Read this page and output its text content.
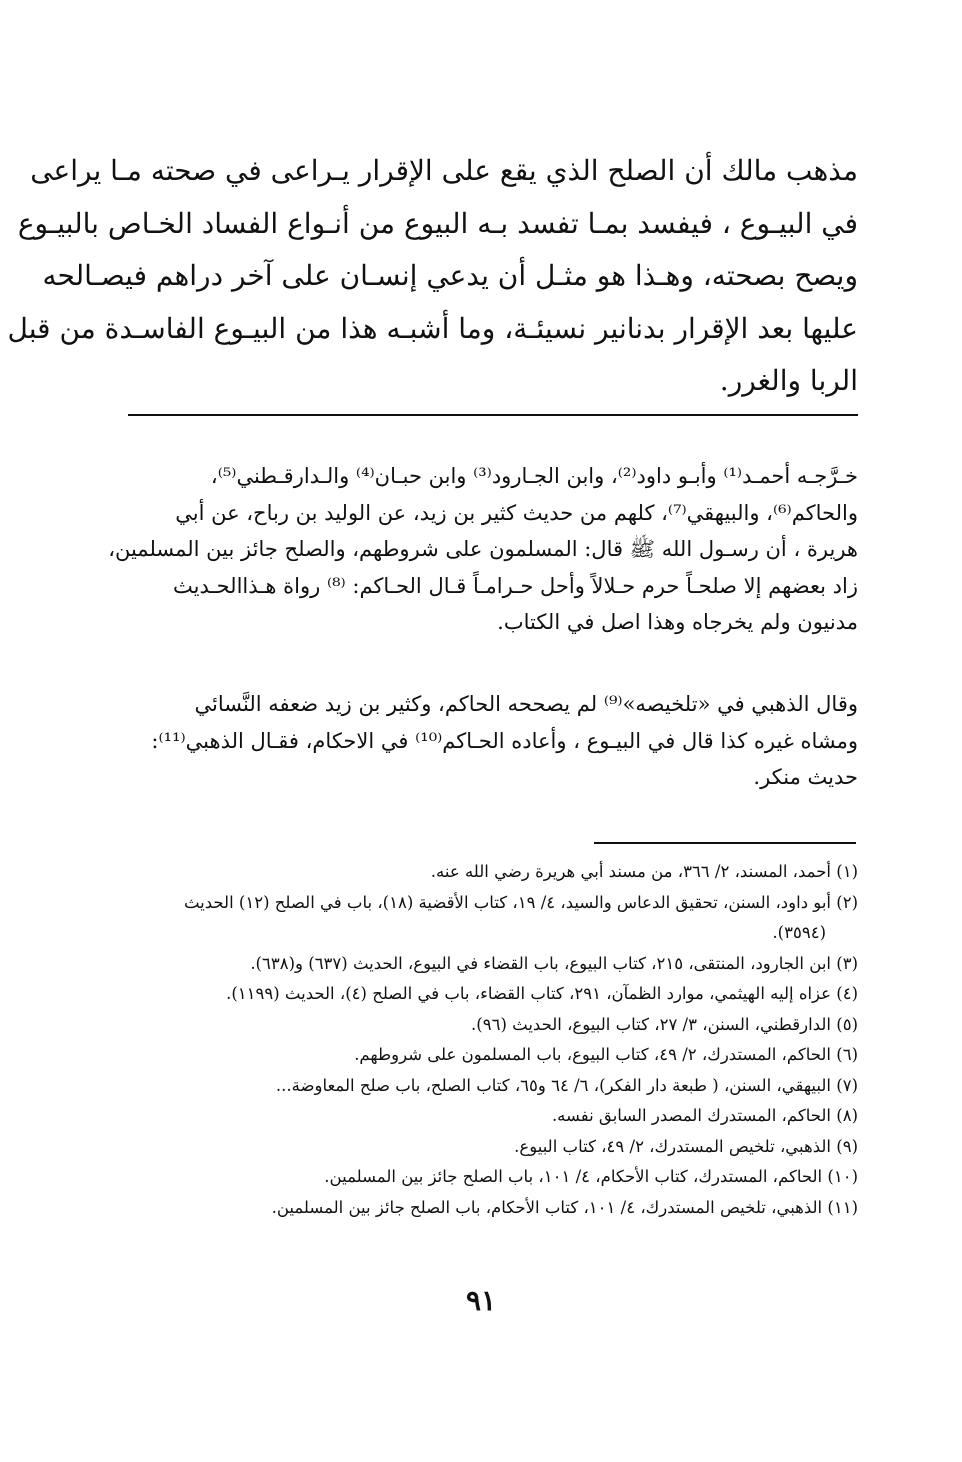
مذهب مالك أن الصلح الذي يقع على الإقرار يـراعى في صحته مـا يراعى
في البيـوع ، فيفسد بمـا تفسد بـه البيوع من أنـواع الفساد الخـاص بالبيـوع
ويصح بصحته، وهـذا هو مثـل أن يدعي إنسـان على آخر دراهم فيصـالحه
عليها بعد الإقرار بدنانير نسيئـة، وما أشبـه هذا من البيـوع الفاسـدة من قبل
الربا والغرر.

خـرَّجـه أحمـد⁽¹⁾ وأبـو داود⁽²⁾، وابن الجـارود⁽³⁾ وابن حبـان⁽⁴⁾ والـدارقـطني⁽⁵⁾،
والحاكم⁽⁶⁾، والبيهقي⁽⁷⁾، كلهم من حديث كثير بن زيد، عن الوليد بن رباح، عن أبي
هريرة ، أن رسـول الله ﷺ قال: المسلمون على شروطهم، والصلح جائز بين المسلمين،
زاد بعضهم إلا صلحـاً حرم حـلالاً وأحل حـرامـاً قـال الحـاكم: ⁽⁸⁾ رواة هـذاالحـديث
مدنيون ولم يخرجاه وهذا اصل في الكتاب.

وقال الذهبي في «تلخيصه»⁽⁹⁾ لم يصححه الحاكم، وكثير بن زيد ضعفه النَّسائي
ومشاه غيره كذا قال في البيـوع ، وأعاده الحـاكم⁽¹⁰⁾ في الاحكام، فقـال الذهبي⁽¹¹⁾:
حديث منكر.

(١) أحمد، المسند، ٢/ ٣٦٦، من مسند أبي هريرة رضي الله عنه.
(٢) أبو داود، السنن، تحقيق الدعاس والسيد، ٤/ ١٩، كتاب الأقضية (١٨)، باب في الصلح (١٢) الحديث
(٣٥٩٤).
(٣) ابن الجارود، المنتقى، ٢١٥، كتاب البيوع، باب القضاء في البيوع، الحديث (٦٣٧) و(٦٣٨).
(٤) عزاه إليه الهيثمي، موارد الظمآن، ٢٩١، كتاب القضاء، باب في الصلح (٤)، الحديث (١١٩٩).
(٥) الدارقطني، السنن، ٣/ ٢٧، كتاب البيوع، الحديث (٩٦).
(٦) الحاكم، المستدرك، ٢/ ٤٩، كتاب البيوع، باب المسلمون على شروطهم.
(٧) البيهقي، السنن، ( طبعة دار الفكر)، ٦/ ٦٤ و٦٥، كتاب الصلح، باب صلح المعاوضة...
(٨) الحاكم، المستدرك المصدر السابق نفسه.
(٩) الذهبي، تلخيص المستدرك، ٢/ ٤٩، كتاب البيوع.
(١٠) الحاكم، المستدرك، كتاب الأحكام، ٤/ ١٠١، باب الصلح جائز بين المسلمين.
(١١) الذهبي، تلخيص المستدرك، ٤/ ١٠١، كتاب الأحكام، باب الصلح جائز بين المسلمين.
٩١
